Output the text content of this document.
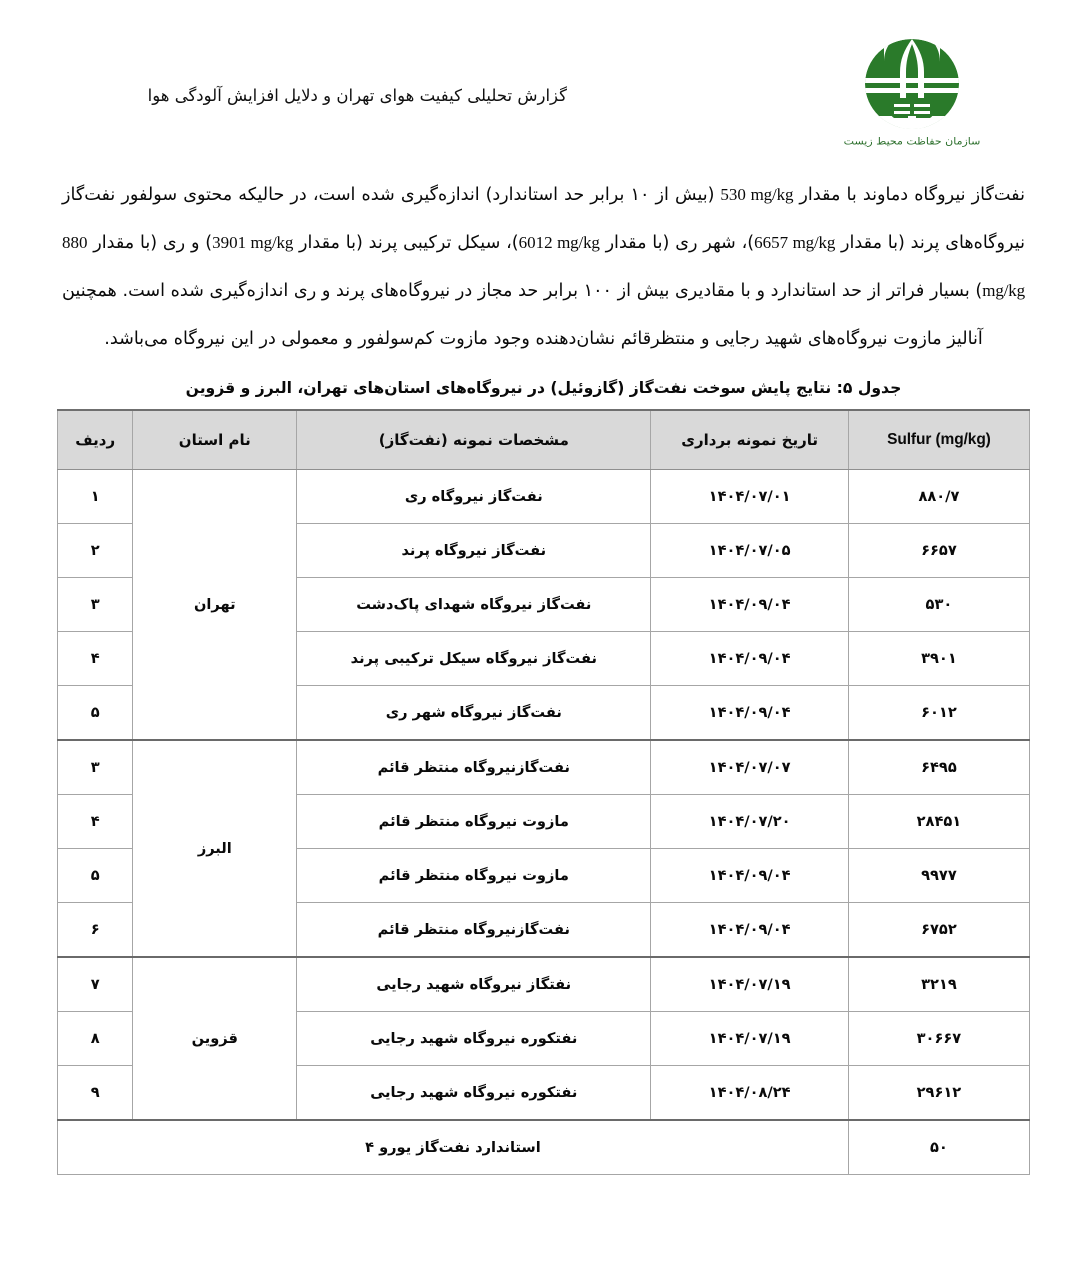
سازمان حفاظت محیط زیست
گزارش تحلیلی کیفیت هوای تهران و دلایل افزایش آلودگی هوا
نفت‌گاز نیروگاه دماوند با مقدار 530 mg/kg (بیش از ۱۰ برابر حد استاندارد) اندازه‌گیری شده است، در حالیکه محتوی سولفور نفت‌گاز نیروگاه‌های پرند (با مقدار 6657 mg/kg)، شهر ری (با مقدار 6012 mg/kg)، سیکل ترکیبی پرند (با مقدار 3901 mg/kg) و ری (با مقدار 880 mg/kg) بسیار فراتر از حد استاندارد و با مقادیری بیش از ۱۰۰ برابر حد مجاز در نیروگاه‌های پرند و ری اندازه‌گیری شده است. همچنین آنالیز مازوت نیروگاه‌های شهید رجایی و منتظرقائم نشان‌دهنده وجود مازوت کم‌سولفور و معمولی در این نیروگاه می‌باشد.
جدول ۵: نتایج پایش سوخت نفت‌گاز (گازوئیل) در نیروگاه‌های استان‌های تهران، البرز و قزوین
Sulfur (mg/kg)	تاریخ نمونه برداری	مشخصات نمونه (نفت‌گاز)	نام استان	ردیف
۸۸۰/۷	۱۴۰۴/۰۷/۰۱	نفت‌گاز نیروگاه ری	تهران	۱
۶۶۵۷	۱۴۰۴/۰۷/۰۵	نفت‌گاز نیروگاه پرند		۲
۵۳۰	۱۴۰۴/۰۹/۰۴	نفت‌گاز نیروگاه شهدای پاک‌دشت		۳
۳۹۰۱	۱۴۰۴/۰۹/۰۴	نفت‌گاز نیروگاه سیکل ترکیبی پرند		۴
۶۰۱۲	۱۴۰۴/۰۹/۰۴	نفت‌گاز نیروگاه شهر ری		۵
۶۴۹۵	۱۴۰۴/۰۷/۰۷	نفت‌گازنیروگاه منتظر قائم	البرز	۳
۲۸۴۵۱	۱۴۰۴/۰۷/۲۰	مازوت نیروگاه منتظر قائم		۴
۹۹۷۷	۱۴۰۴/۰۹/۰۴	مازوت نیروگاه منتظر قائم		۵
۶۷۵۲	۱۴۰۴/۰۹/۰۴	نفت‌گازنیروگاه منتظر قائم		۶
۳۲۱۹	۱۴۰۴/۰۷/۱۹	نفتگاز نیروگاه شهید رجایی	قزوین	۷
۳۰۶۶۷	۱۴۰۴/۰۷/۱۹	نفتکوره نیروگاه شهید رجایی		۸
۲۹۶۱۲	۱۴۰۴/۰۸/۲۴	نفتکوره نیروگاه شهید رجایی		۹
۵۰	استاندارد نفت‌گاز یورو ۴			
